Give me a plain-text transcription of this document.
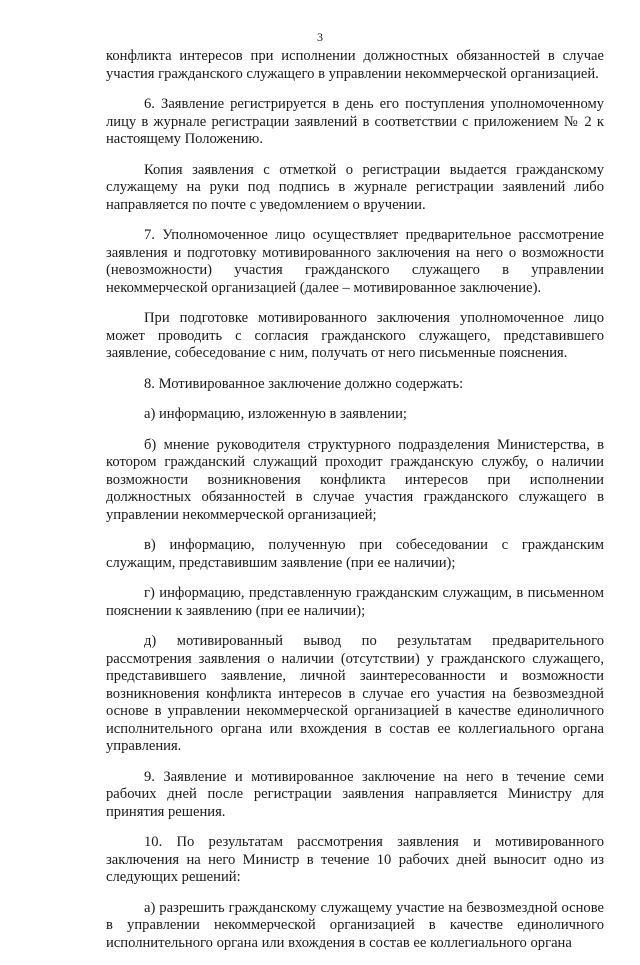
3

конфликта интересов при исполнении должностных обязанностей в случае участия гражданского служащего в управлении некоммерческой организацией.

6. Заявление регистрируется в день его поступления уполномоченному лицу в журнале регистрации заявлений в соответствии с приложением № 2 к настоящему Положению.

Копия заявления с отметкой о регистрации выдается гражданскому служащему на руки под подпись в журнале регистрации заявлений либо направляется по почте с уведомлением о вручении.

7. Уполномоченное лицо осуществляет предварительное рассмотрение заявления и подготовку мотивированного заключения на него о возможности (невозможности) участия гражданского служащего в управлении некоммерческой организацией (далее – мотивированное заключение).

При подготовке мотивированного заключения уполномоченное лицо может проводить с согласия гражданского служащего, представившего заявление, собеседование с ним, получать от него письменные пояснения.

8. Мотивированное заключение должно содержать:

а) информацию, изложенную в заявлении;

б) мнение руководителя структурного подразделения Министерства, в котором гражданский служащий проходит гражданскую службу, о наличии возможности возникновения конфликта интересов при исполнении должностных обязанностей в случае участия гражданского служащего в управлении некоммерческой организацией;

в) информацию, полученную при собеседовании с гражданским служащим, представившим заявление (при ее наличии);

г) информацию, представленную гражданским служащим, в письменном пояснении к заявлению (при ее наличии);

д) мотивированный вывод по результатам предварительного рассмотрения заявления о наличии (отсутствии) у гражданского служащего, представившего заявление, личной заинтересованности и возможности возникновения конфликта интересов в случае его участия на безвозмездной основе в управлении некоммерческой организацией в качестве единоличного исполнительного органа или вхождения в состав ее коллегиального органа управления.

9. Заявление и мотивированное заключение на него в течение семи рабочих дней после регистрации заявления направляется Министру для принятия решения.

10. По результатам рассмотрения заявления и мотивированного заключения на него Министр в течение 10 рабочих дней выносит одно из следующих решений:

а) разрешить гражданскому служащему участие на безвозмездной основе в управлении некоммерческой организацией в качестве единоличного исполнительного органа или вхождения в состав ее коллегиального органа
